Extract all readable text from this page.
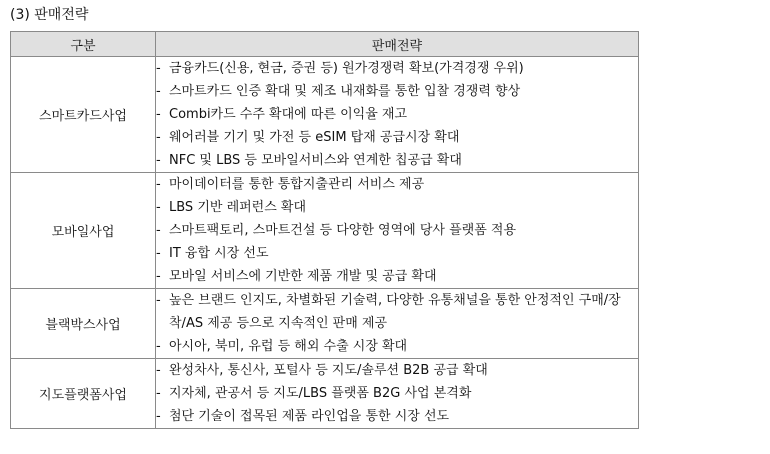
(3) 판매전략
구분	판매전략
스마트카드사업	- 금융카드(신용, 현금, 증권 등) 원가경쟁력 확보(가격경쟁 우위)
- 스마트카드 인증 확대 및 제조 내재화를 통한 입찰 경쟁력 향상
- Combi카드 수주 확대에 따른 이익율 재고
- 웨어러블 기기 및 가전 등 eSIM 탑재 공급시장 확대
- NFC 및 LBS 등 모바일서비스와 연계한 칩공급 확대

모바일사업	- 마이데이터를 통한 통합지출관리 서비스 제공
- LBS 기반 레퍼런스 확대
- 스마트팩토리, 스마트건설 등 다양한 영역에 당사 플랫폼 적용
- IT 융합 시장 선도
- 모바일 서비스에 기반한 제품 개발 및 공급 확대

블랙박스사업	- 높은 브랜드 인지도, 차별화된 기술력, 다양한 유통채널을 통한 안정적인 구매/장착/AS 제공 등으로 지속적인 판매 제공
- 아시아, 북미, 유럽 등 해외 수출 시장 확대

지도플랫폼사업	- 완성차사, 통신사, 포털사 등 지도/솔루션 B2B 공급 확대
- 지자체, 관공서 등 지도/LBS 플랫폼 B2G 사업 본격화
- 첨단 기술이 접목된 제품 라인업을 통한 시장 선도
